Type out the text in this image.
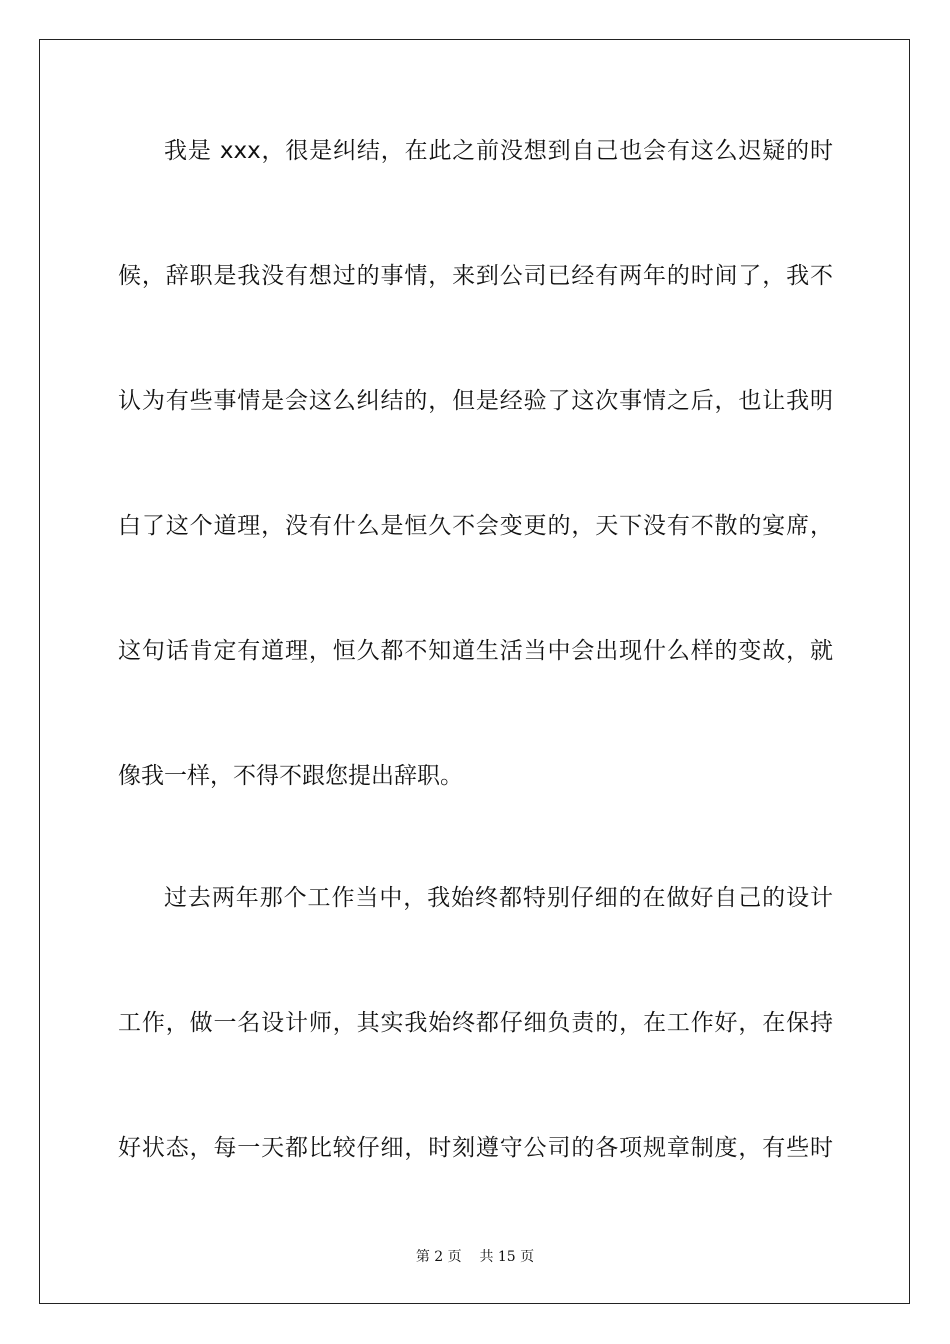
我是 xxx，很是纠结，在此之前没想到自己也会有这么迟疑的时
候，辞职是我没有想过的事情，来到公司已经有两年的时间了，我不
认为有些事情是会这么纠结的，但是经验了这次事情之后，也让我明
白了这个道理，没有什么是恒久不会变更的，天下没有不散的宴席，
这句话肯定有道理，恒久都不知道生活当中会出现什么样的变故，就
像我一样，不得不跟您提出辞职。
过去两年那个工作当中，我始终都特别仔细的在做好自己的设计
工作，做一名设计师，其实我始终都仔细负责的，在工作好，在保持
好状态，每一天都比较仔细，时刻遵守公司的各项规章制度，有些时
第 2 页 共 15 页
